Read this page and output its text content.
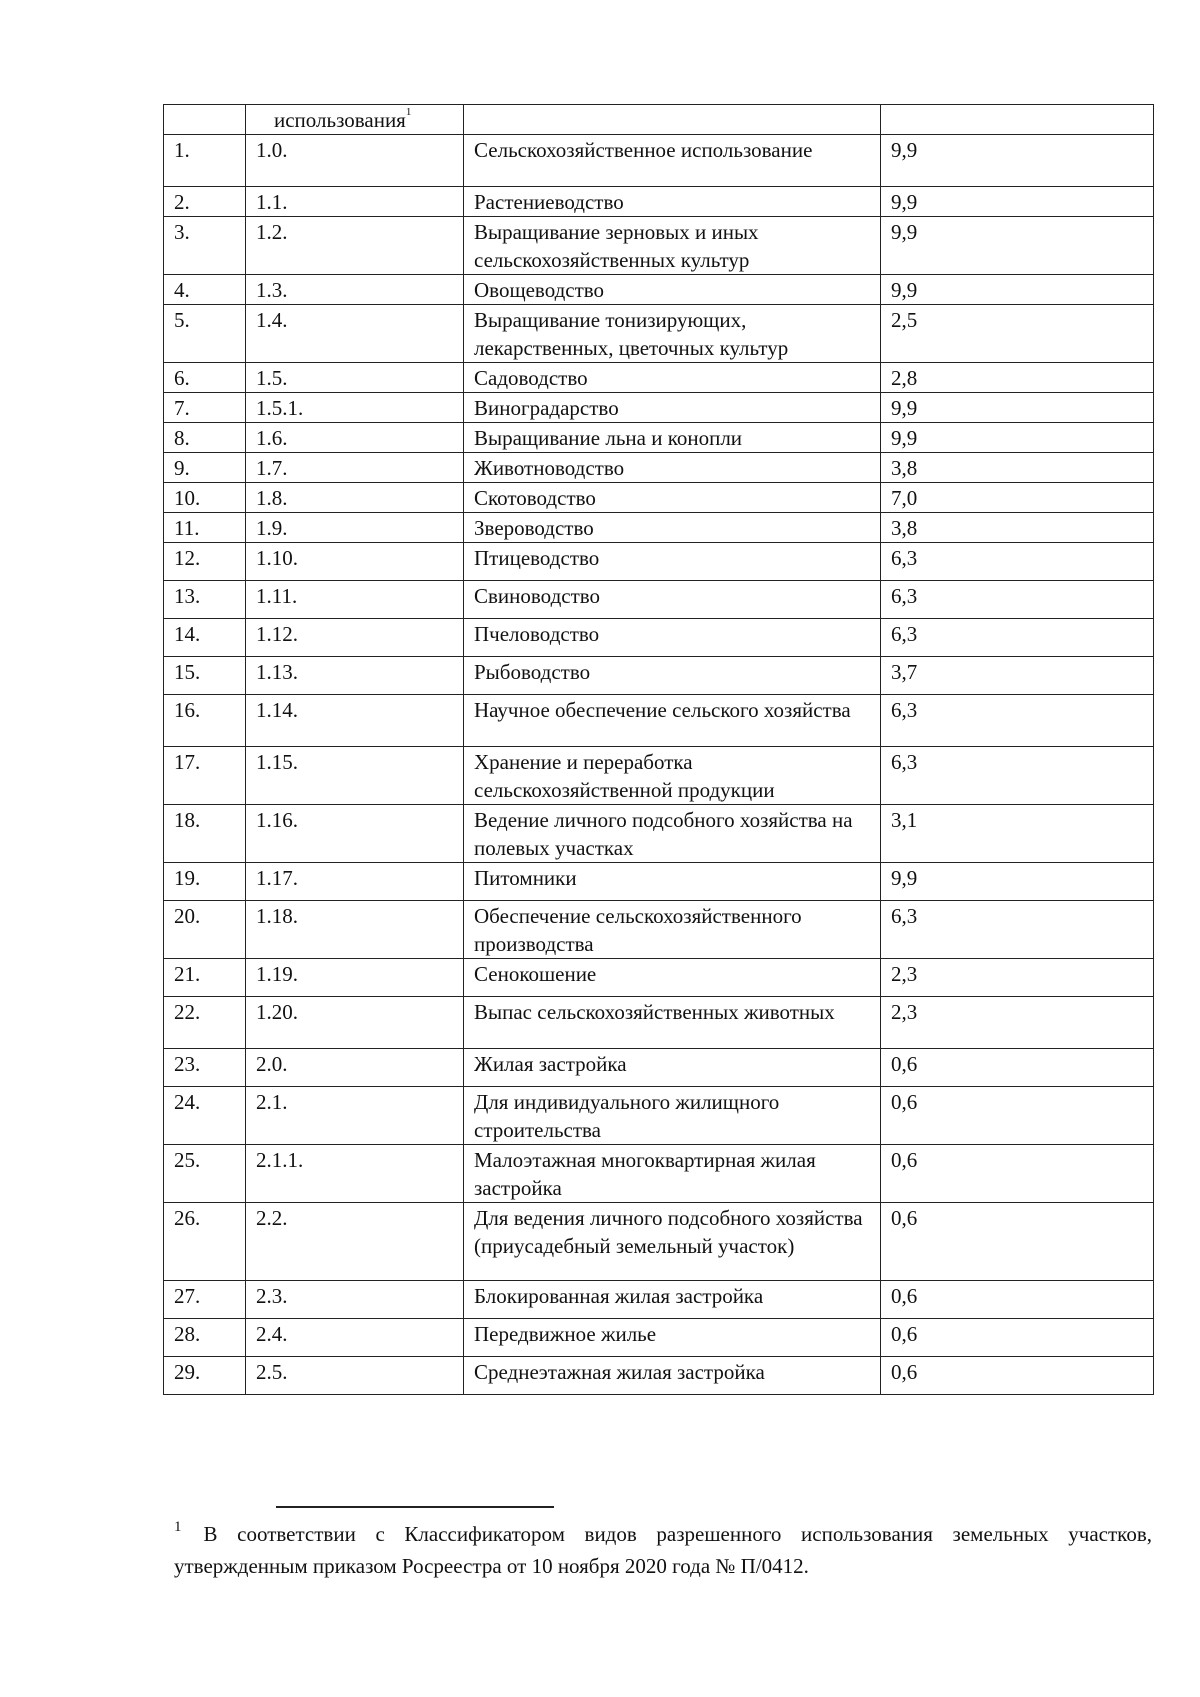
	использования$^1$		
1.	1.0.	Сельскохозяйственное использование	9,9
2.	1.1.	Растениеводство	9,9
3.	1.2.	Выращивание зерновых и иных сельскохозяйственных культур	9,9
4.	1.3.	Овощеводство	9,9
5.	1.4.	Выращивание тонизирующих, лекарственных, цветочных культур	2,5
6.	1.5.	Садоводство	2,8
7.	1.5.1.	Виноградарство	9,9
8.	1.6.	Выращивание льна и конопли	9,9
9.	1.7.	Животноводство	3,8
10.	1.8.	Скотоводство	7,0
11.	1.9.	Звероводство	3,8
12.	1.10.	Птицеводство	6,3
13.	1.11.	Свиноводство	6,3
14.	1.12.	Пчеловодство	6,3
15.	1.13.	Рыбоводство	3,7
16.	1.14.	Научное обеспечение сельского хозяйства	6,3
17.	1.15.	Хранение и переработка сельскохозяйственной продукции	6,3
18.	1.16.	Ведение личного подсобного хозяйства на полевых участках	3,1
19.	1.17.	Питомники	9,9
20.	1.18.	Обеспечение сельскохозяйственного производства	6,3
21.	1.19.	Сенокошение	2,3
22.	1.20.	Выпас сельскохозяйственных животных	2,3
23.	2.0.	Жилая застройка	0,6
24.	2.1.	Для индивидуального жилищного строительства	0,6
25.	2.1.1.	Малоэтажная многоквартирная жилая застройка	0,6
26.	2.2.	Для ведения личного подсобного хозяйства (приусадебный земельный участок)	0,6
27.	2.3.	Блокированная жилая застройка	0,6
28.	2.4.	Передвижное жилье	0,6
29.	2.5.	Среднеэтажная жилая застройка	0,6
$^1$ В соответствии с Классификатором видов разрешенного использования земельных участков, утвержденным приказом Росреестра от 10 ноября 2020 года № П/0412.
